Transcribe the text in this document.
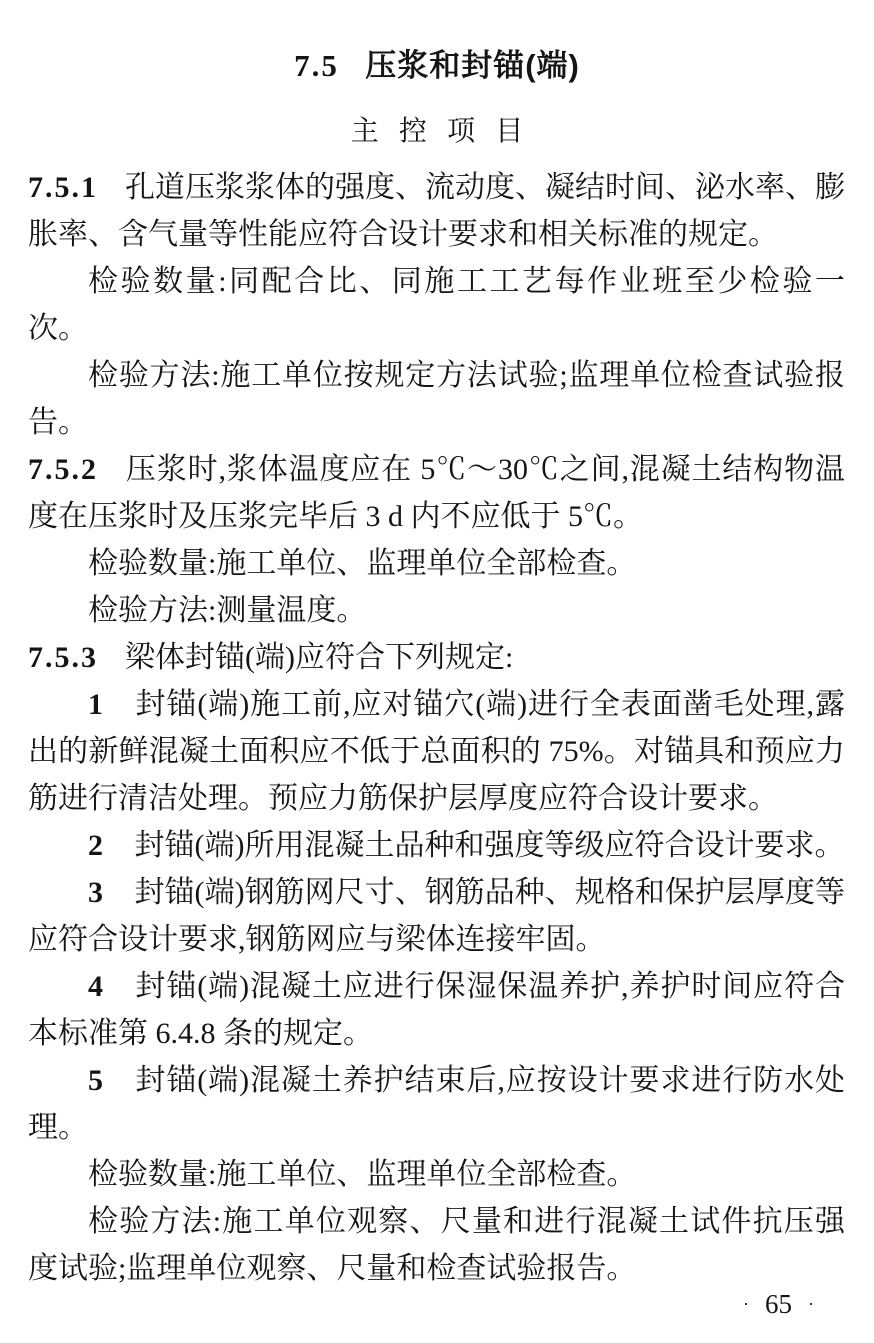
7.5 压浆和封锚(端)
主控项目

7.5.1 孔道压浆浆体的强度、流动度、凝结时间、泌水率、膨胀率、含气量等性能应符合设计要求和相关标准的规定。

检验数量:同配合比、同施工工艺每作业班至少检验一次。

检验方法:施工单位按规定方法试验;监理单位检查试验报告。

7.5.2 压浆时,浆体温度应在 5℃～30℃之间,混凝土结构物温度在压浆时及压浆完毕后 3 d 内不应低于 5℃。

检验数量:施工单位、监理单位全部检查。

检验方法:测量温度。

7.5.3 梁体封锚(端)应符合下列规定:

1 封锚(端)施工前,应对锚穴(端)进行全表面凿毛处理,露出的新鲜混凝土面积应不低于总面积的 75%。对锚具和预应力筋进行清洁处理。预应力筋保护层厚度应符合设计要求。

2 封锚(端)所用混凝土品种和强度等级应符合设计要求。

3 封锚(端)钢筋网尺寸、钢筋品种、规格和保护层厚度等应符合设计要求,钢筋网应与梁体连接牢固。

4 封锚(端)混凝土应进行保湿保温养护,养护时间应符合本标准第 6.4.8 条的规定。

5 封锚(端)混凝土养护结束后,应按设计要求进行防水处理。

检验数量:施工单位、监理单位全部检查。

检验方法:施工单位观察、尺量和进行混凝土试件抗压强度试验;监理单位观察、尺量和检查试验报告。

· 65 ·
